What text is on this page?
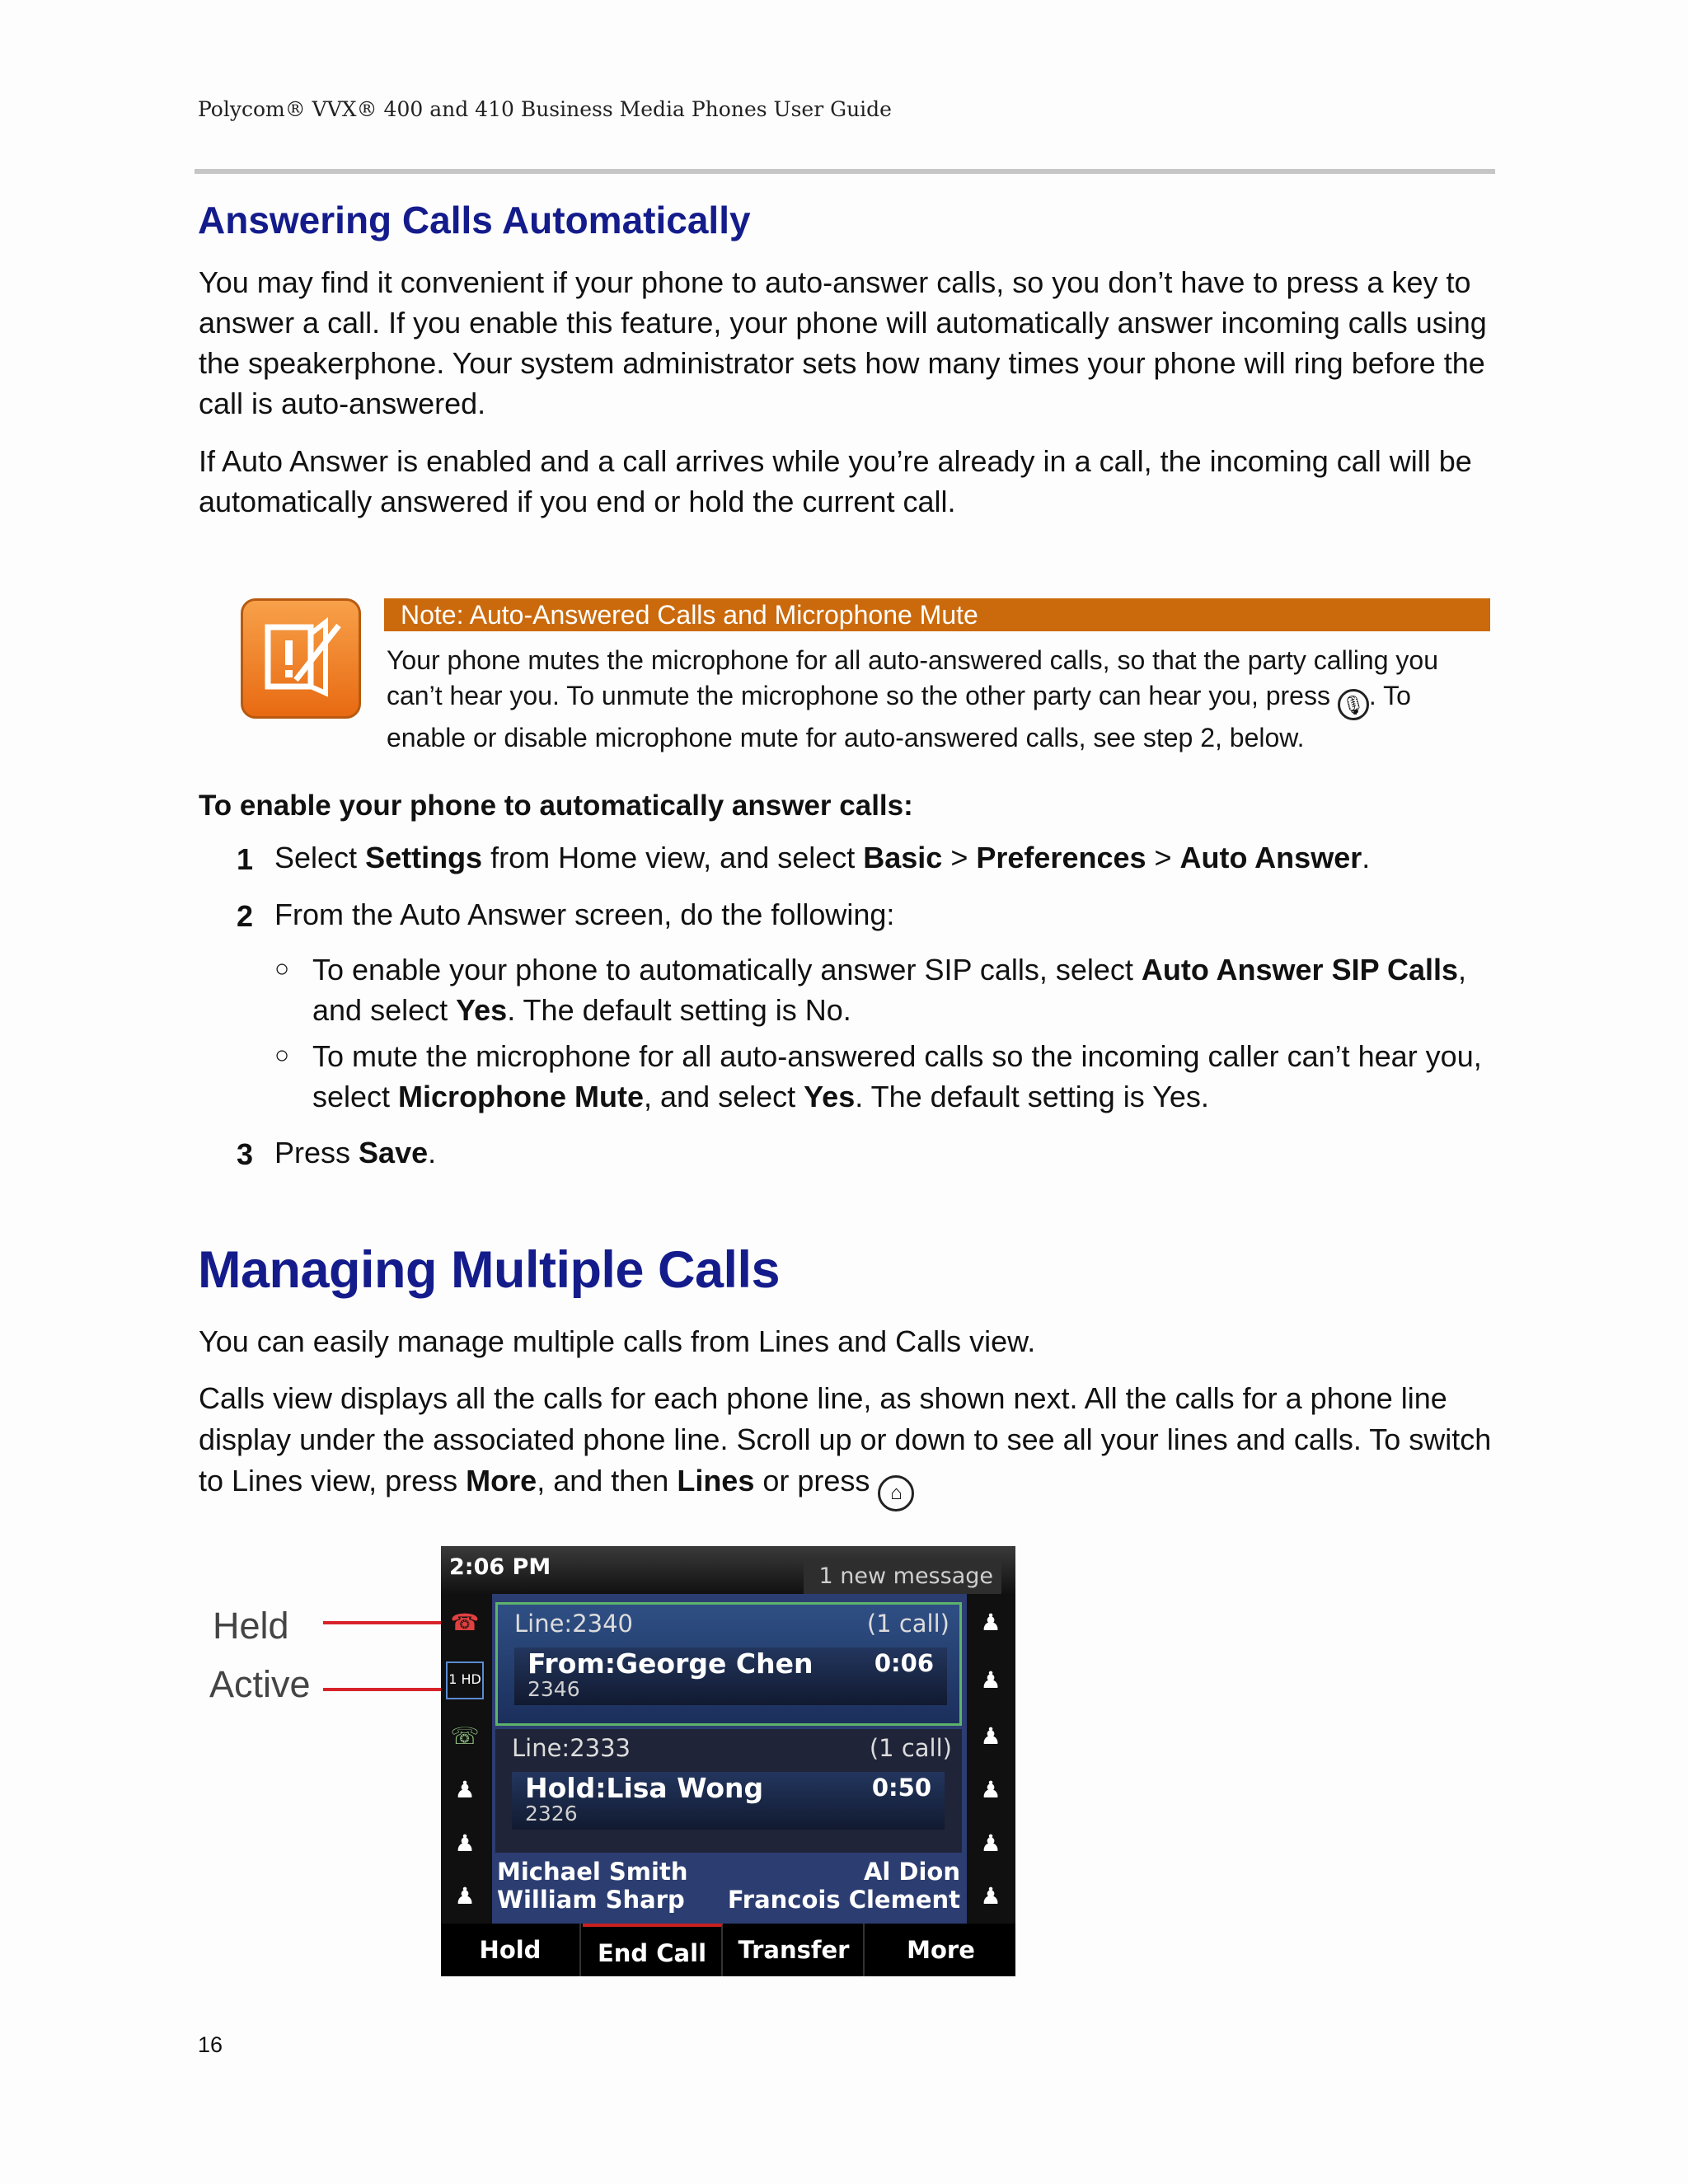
Polycom® VVX® 400 and 410 Business Media Phones User Guide
Answering Calls Automatically
You may find it convenient if your phone to auto-answer calls, so you don’t have to press a key to answer a call. If you enable this feature, your phone will automatically answer incoming calls using the speakerphone. Your system administrator sets how many times your phone will ring before the call is auto-answered.
If Auto Answer is enabled and a call arrives while you’re already in a call, the incoming call will be automatically answered if you end or hold the current call.
Note: Auto-Answered Calls and Microphone Mute
Your phone mutes the microphone for all auto-answered calls, so that the party calling you can’t hear you. To unmute the microphone so the other party can hear you, press 🎙 . To enable or disable microphone mute for auto-answered calls, see step 2, below.
To enable your phone to automatically answer calls:
1 Select Settings from Home view, and select Basic > Preferences > Auto Answer.
2 From the Auto Answer screen, do the following:
○ To enable your phone to automatically answer SIP calls, select Auto Answer SIP Calls, and select Yes. The default setting is No.
○ To mute the microphone for all auto-answered calls so the incoming caller can’t hear you, select Microphone Mute, and select Yes. The default setting is Yes.
3 Press Save.
Managing Multiple Calls
You can easily manage multiple calls from Lines and Calls view.
Calls view displays all the calls for each phone line, as shown next. All the calls for a phone line display under the associated phone line. Scroll up or down to see all your lines and calls. To switch to Lines view, press More, and then Lines or press ⌂
Held
Active
2:06 PM	1 new message
☎
1 HD
☏
♟
♟
♟
♟
♟
♟
♟
♟
♟
Michael Smith	Al Dion
William Sharp Francois Clement
Line:2340	(1 call)
From:George Chen
2346
0:06
Line:2333	(1 call)
Hold:Lisa Wong
2326
0:50
Hold	End Call	Transfer	More
16
